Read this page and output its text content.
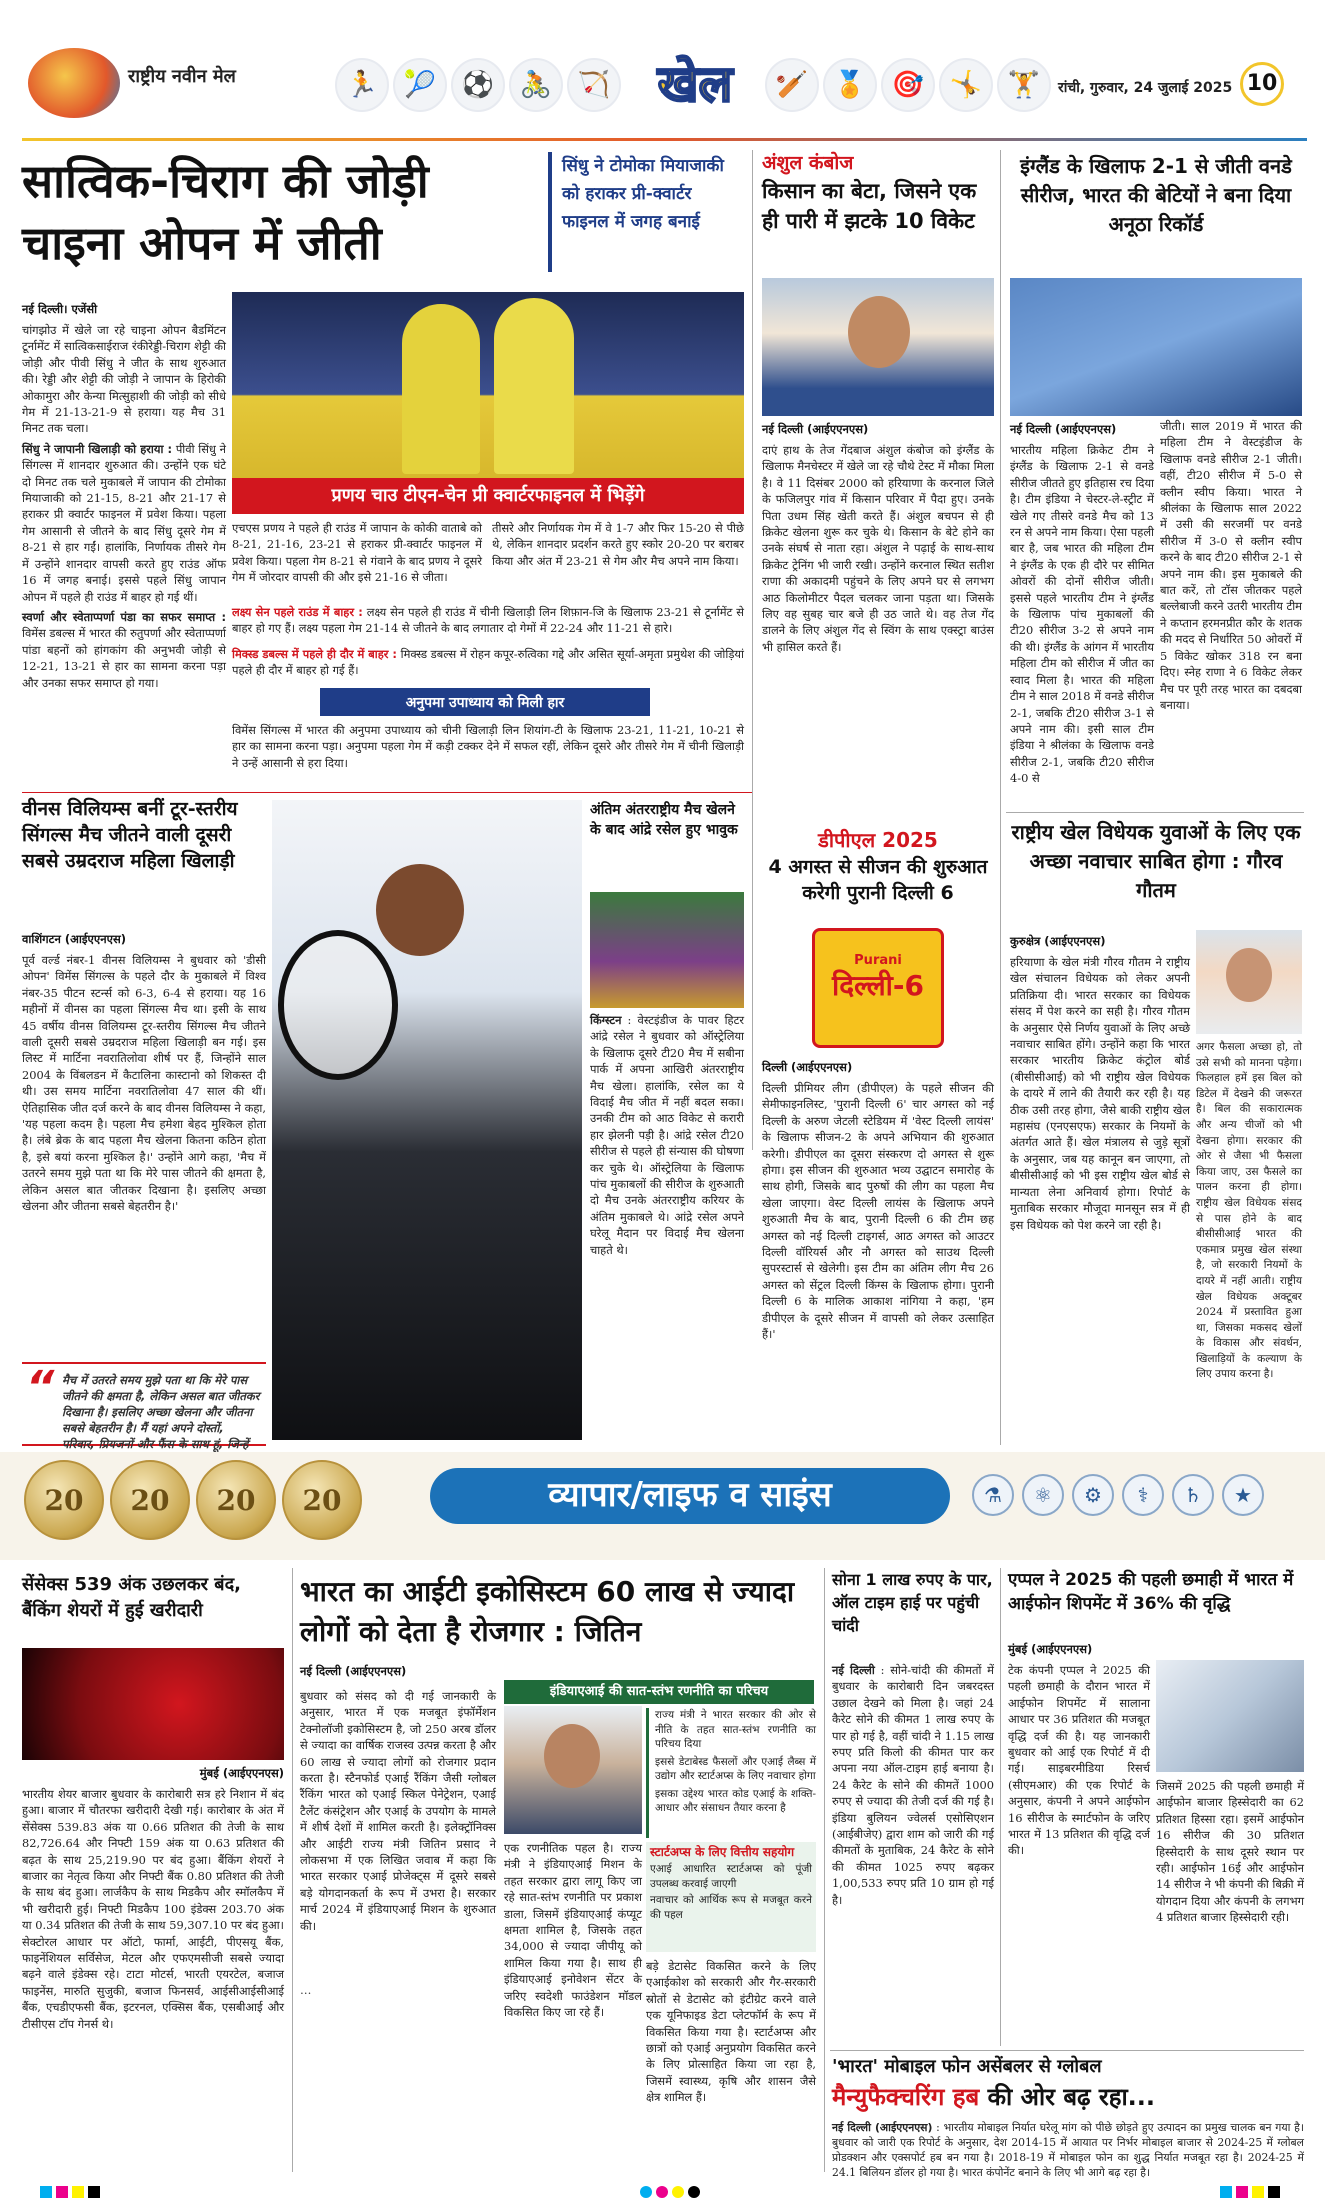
राष्ट्रीय नवीन मेल	🏃 🎾 ⚽ 🚴 🏹 खेल	🏏 🏅 🎯 🤸 🏋	रांची, गुरुवार, 24 जुलाई 2025 10
सात्विक-चिराग की जोड़ी
चाइना ओपन में जीती
सिंधु ने टोमोका मियाजाकी को हराकर प्री-क्वार्टर फाइनल में जगह बनाई
नई दिल्ली। एजेंसी

चांगझोउ में खेले जा रहे चाइना ओपन बैडमिंटन टूर्नामेंट में सात्विकसाईराज रंकीरेड्डी-चिराग शेट्टी की जोड़ी और पीवी सिंधु ने जीत के साथ शुरुआत की। रेड्डी और शेट्टी की जोड़ी ने जापान के हिरोकी ओकामुरा और केन्या मित्सुहाशी की जोड़ी को सीधे गेम में 21-13-21-9 से हराया। यह मैच 31 मिनट तक चला।

सिंधु ने जापानी खिलाड़ी को हराया : पीवी सिंधु ने सिंगल्स में शानदार शुरुआत की। उन्होंने एक घंटे दो मिनट तक चले मुकाबले में जापान की टोमोका मियाजाकी को 21-15, 8-21 और 21-17 से हराकर प्री क्वार्टर फाइनल में प्रवेश किया। पहला गेम आसानी से जीतने के बाद सिंधु दूसरे गेम में 8-21 से हार गईं। हालांकि, निर्णायक तीसरे गेम में उन्होंने शानदार वापसी करते हुए राउंड ऑफ 16 में जगह बनाई। इससे पहले सिंधु जापान ओपन में पहले ही राउंड में बाहर हो गई थीं।

स्वर्णा और स्वेताप्पर्णा पंडा का सफर समाप्त : विमेंस डबल्स में भारत की रुतुपर्णा और स्वेताप्पर्णा पांडा बहनों को हांगकांग की अनुभवी जोड़ी से 12-21, 13-21 से हार का सामना करना पड़ा और उनका सफर समाप्त हो गया।

प्रणय चाउ टीएन-चेन प्री क्वार्टरफाइनल में भिड़ेंगे

एचएस प्रणय ने पहले ही राउंड में जापान के कोकी वाताबे को 8-21, 21-16, 23-21 से हराकर प्री-क्वार्टर फाइनल में प्रवेश किया। पहला गेम 8-21 से गंवाने के बाद प्रणय ने दूसरे गेम में जोरदार वापसी की और इसे 21-16 से जीता।

तीसरे और निर्णायक गेम में वे 1-7 और फिर 15-20 से पीछे थे, लेकिन शानदार प्रदर्शन करते हुए स्कोर 20-20 पर बराबर किया और अंत में 23-21 से गेम और मैच अपने नाम किया।

लक्ष्य सेन पहले राउंड में बाहर : लक्ष्य सेन पहले ही राउंड में चीनी खिलाड़ी लिन शिफ़ान-जि के खिलाफ 23-21 से टूर्नामेंट से बाहर हो गए हैं। लक्ष्य पहला गेम 21-14 से जीतने के बाद लगातार दो गेमों में 22-24 और 11-21 से हारे।

मिक्स्ड डबल्स में पहले ही दौर में बाहर : मिक्स्ड डबल्स में रोहन कपूर-रुत्विका गद्दे और असित सूर्या-अमृता प्रमुथेश की जोड़ियां पहले ही दौर में बाहर हो गई हैं।

अनुपमा उपाध्याय को मिली हार

विमेंस सिंगल्स में भारत की अनुपमा उपाध्याय को चीनी खिलाड़ी लिन शियांग-टी के खिलाफ 23-21, 11-21, 10-21 से हार का सामना करना पड़ा। अनुपमा पहला गेम में कड़ी टक्कर देने में सफल रहीं, लेकिन दूसरे और तीसरे गेम में चीनी खिलाड़ी ने उन्हें आसानी से हरा दिया।

अंशुल कंबोज
किसान का बेटा, जिसने एक ही पारी में झटके 10 विकेट
नई दिल्ली (आईएएनएस)

दाएं हाथ के तेज गेंदबाज अंशुल कंबोज को इंग्लैंड के खिलाफ मैनचेस्टर में खेले जा रहे चौथे टेस्ट में मौका मिला है। वे 11 दिसंबर 2000 को हरियाणा के करनाल जिले के फजिलपुर गांव में किसान परिवार में पैदा हुए। उनके पिता उधम सिंह खेती करते हैं। अंशुल बचपन से ही क्रिकेट खेलना शुरू कर चुके थे। किसान के बेटे होने का उनके संघर्ष से नाता रहा। अंशुल ने पढ़ाई के साथ-साथ क्रिकेट ट्रेनिंग भी जारी रखी। उन्होंने करनाल स्थित सतीश राणा की अकादमी पहुंचने के लिए अपने घर से लगभग आठ किलोमीटर पैदल चलकर जाना पड़ता था। जिसके लिए वह सुबह चार बजे ही उठ जाते थे। वह तेज गेंद डालने के लिए अंशुल गेंद से स्विंग के साथ एक्स्ट्रा बाउंस भी हासिल करते हैं।

इंग्लैंड के खिलाफ 2-1 से जीती वनडे सीरीज, भारत की बेटियों ने बना दिया अनूठा रिकॉर्ड
नई दिल्ली (आईएएनएस)

भारतीय महिला क्रिकेट टीम ने इंग्लैंड के खिलाफ 2-1 से वनडे सीरीज जीतते हुए इतिहास रच दिया है। टीम इंडिया ने चेस्टर-ले-स्ट्रीट में खेले गए तीसरे वनडे मैच को 13 रन से अपने नाम किया। ऐसा पहली बार है, जब भारत की महिला टीम ने इंग्लैंड के एक ही दौरे पर सीमित ओवरों की दोनों सीरीज जीती। इससे पहले भारतीय टीम ने इंग्लैंड के खिलाफ पांच मुकाबलों की टी20 सीरीज 3-2 से अपने नाम की थी। इंग्लैंड के आंगन में भारतीय महिला टीम को सीरीज में जीत का स्वाद मिला है। भारत की महिला टीम ने साल 2018 में वनडे सीरीज 2-1, जबकि टी20 सीरीज 3-1 से अपने नाम की। इसी साल टीम इंडिया ने श्रीलंका के खिलाफ वनडे सीरीज 2-1, जबकि टी20 सीरीज 4-0 से

जीती। साल 2019 में भारत की महिला टीम ने वेस्टइंडीज के खिलाफ वनडे सीरीज 2-1 जीती। वहीं, टी20 सीरीज में 5-0 से क्लीन स्वीप किया। भारत ने श्रीलंका के खिलाफ साल 2022 में उसी की सरजमीं पर वनडे सीरीज में 3-0 से क्लीन स्वीप करने के बाद टी20 सीरीज 2-1 से अपने नाम की। इस मुकाबले की बात करें, तो टॉस जीतकर पहले बल्लेबाजी करने उतरी भारतीय टीम ने कप्तान हरमनप्रीत कौर के शतक की मदद से निर्धारित 50 ओवरों में 5 विकेट खोकर 318 रन बना दिए। स्नेह राणा ने 6 विकेट लेकर मैच पर पूरी तरह भारत का दबदबा बनाया।

वीनस विलियम्स बनीं टूर-स्तरीय सिंगल्स मैच जीतने वाली दूसरी सबसे उम्रदराज महिला खिलाड़ी
वाशिंगटन (आईएएनएस)

पूर्व वर्ल्ड नंबर-1 वीनस विलियम्स ने बुधवार को 'डीसी ओपन' विमेंस सिंगल्स के पहले दौर के मुकाबले में विश्व नंबर-35 पीटन स्टर्न्स को 6-3, 6-4 से हराया। यह 16 महीनों में वीनस का पहला सिंगल्स मैच था। इसी के साथ 45 वर्षीय वीनस विलियम्स टूर-स्तरीय सिंगल्स मैच जीतने वाली दूसरी सबसे उम्रदराज महिला खिलाड़ी बन गई। इस लिस्ट में मार्टिना नवरातिलोवा शीर्ष पर हैं, जिन्होंने साल 2004 के विंबलडन में कैटालिना कास्टानो को शिकस्त दी थी। उस समय मार्टिना नवरातिलोवा 47 साल की थीं। ऐतिहासिक जीत दर्ज करने के बाद वीनस विलियम्स ने कहा, 'यह पहला कदम है। पहला मैच हमेशा बेहद मुश्किल होता है। लंबे ब्रेक के बाद पहला मैच खेलना कितना कठिन होता है, इसे बयां करना मुश्किल है।' उन्होंने आगे कहा, 'मैच में उतरने समय मुझे पता था कि मेरे पास जीतने की क्षमता है, लेकिन असल बात जीतकर दिखाना है। इसलिए अच्छा खेलना और जीतना सबसे बेहतरीन है।'

“ मैच में उतरते समय मुझे पता था कि मेरे पास जीतने की क्षमता है, लेकिन असल बात जीतकर दिखाना है। इसलिए अच्छा खेलना और जीतना सबसे बेहतरीन है। मैं यहां अपने दोस्तों, परिवार, प्रियजनों और फैंस के साथ हूं, जिन्हें
अंतिम अंतरराष्ट्रीय मैच खेलने के बाद आंद्रे रसेल हुए भावुक

किंग्स्टन : वेस्टइंडीज के पावर हिटर आंद्रे रसेल ने बुधवार को ऑस्ट्रेलिया के खिलाफ दूसरे टी20 मैच में सबीना पार्क में अपना आखिरी अंतरराष्ट्रीय मैच खेला। हालांकि, रसेल का ये विदाई मैच जीत में नहीं बदल सका। उनकी टीम को आठ विकेट से करारी हार झेलनी पड़ी है। आंद्रे रसेल टी20 सीरीज से पहले ही संन्यास की घोषणा कर चुके थे। ऑस्ट्रेलिया के खिलाफ पांच मुकाबलों की सीरीज के शुरुआती दो मैच उनके अंतरराष्ट्रीय करियर के अंतिम मुकाबले थे। आंद्रे रसेल अपने घरेलू मैदान पर विदाई मैच खेलना चाहते थे।

डीपीएल 2025
4 अगस्त से सीजन की शुरुआत करेगी पुरानी दिल्ली 6
Purani
दिल्ली-6
दिल्ली (आईएएनएस)

दिल्ली प्रीमियर लीग (डीपीएल) के पहले सीजन की सेमीफाइनलिस्ट, 'पुरानी दिल्ली 6' चार अगस्त को नई दिल्ली के अरुण जेटली स्टेडियम में 'वेस्ट दिल्ली लायंस' के खिलाफ सीजन-2 के अपने अभियान की शुरुआत करेगी। डीपीएल का दूसरा संस्करण दो अगस्त से शुरू होगा। इस सीजन की शुरुआत भव्य उद्घाटन समारोह के साथ होगी, जिसके बाद पुरुषों की लीग का पहला मैच खेला जाएगा। वेस्ट दिल्ली लायंस के खिलाफ अपने शुरुआती मैच के बाद, पुरानी दिल्ली 6 की टीम छह अगस्त को नई दिल्ली टाइगर्स, आठ अगस्त को आउटर दिल्ली वॉरियर्स और नौ अगस्त को साउथ दिल्ली सुपरस्टार्स से खेलेगी। इस टीम का अंतिम लीग मैच 26 अगस्त को सेंट्रल दिल्ली किंग्स के खिलाफ होगा। पुरानी दिल्ली 6 के मालिक आकाश नांगिया ने कहा, 'हम डीपीएल के दूसरे सीजन में वापसी को लेकर उत्साहित हैं।'

राष्ट्रीय खेल विधेयक युवाओं के लिए एक अच्छा नवाचार साबित होगा : गौरव गौतम
कुरुक्षेत्र (आईएएनएस)

हरियाणा के खेल मंत्री गौरव गौतम ने राष्ट्रीय खेल संचालन विधेयक को लेकर अपनी प्रतिक्रिया दी। भारत सरकार का विधेयक संसद में पेश करने का सही है। गौरव गौतम के अनुसार ऐसे निर्णय युवाओं के लिए अच्छे नवाचार साबित होंगे। उन्होंने कहा कि भारत सरकार भारतीय क्रिकेट कंट्रोल बोर्ड (बीसीसीआई) को भी राष्ट्रीय खेल विधेयक के दायरे में लाने की तैयारी कर रही है। यह ठीक उसी तरह होगा, जैसे बाकी राष्ट्रीय खेल महासंघ (एनएसएफ) सरकार के नियमों के अंतर्गत आते हैं। खेल मंत्रालय से जुड़े सूत्रों के अनुसार, जब यह कानून बन जाएगा, तो बीसीसीआई को भी इस राष्ट्रीय खेल बोर्ड से मान्यता लेना अनिवार्य होगा। रिपोर्ट के मुताबिक सरकार मौजूदा मानसून सत्र में ही इस विधेयक को पेश करने जा रही है।

अगर फैसला अच्छा हो, तो उसे सभी को मानना पड़ेगा। फिलहाल हमें इस बिल को डिटेल में देखने की जरूरत है। बिल की सकारात्मक और अन्य चीजों को भी देखना होगा। सरकार की ओर से जैसा भी फैसला किया जाए, उस फैसले का पालन करना ही होगा। राष्ट्रीय खेल विधेयक संसद से पास होने के बाद बीसीसीआई भारत की एकमात्र प्रमुख खेल संस्था है, जो सरकारी नियमों के दायरे में नहीं आती। राष्ट्रीय खेल विधेयक अक्टूबर 2024 में प्रस्तावित हुआ था, जिसका मकसद खेलों के विकास और संवर्धन, खिलाड़ियों के कल्याण के लिए उपाय करना है।

20	20	20	20	व्यापार/लाइफ व साइंस	⚗	⚛	⚙	⚕	♄	★
सेंसेक्स 539 अंक उछलकर बंद, बैंकिंग शेयरों में हुई खरीदारी
मुंबई (आईएएनएस)

भारतीय शेयर बाजार बुधवार के कारोबारी सत्र हरे निशान में बंद हुआ। बाजार में चौतरफा खरीदारी देखी गई। कारोबार के अंत में सेंसेक्स 539.83 अंक या 0.66 प्रतिशत की तेजी के साथ 82,726.64 और निफ्टी 159 अंक या 0.63 प्रतिशत की बढ़त के साथ 25,219.90 पर बंद हुआ। बैंकिंग शेयरों ने बाजार का नेतृत्व किया और निफ्टी बैंक 0.80 प्रतिशत की तेजी के साथ बंद हुआ। लार्जकैप के साथ मिडकैप और स्मॉलकैप में भी खरीदारी हुई। निफ्टी मिडकैप 100 इंडेक्स 203.70 अंक या 0.34 प्रतिशत की तेजी के साथ 59,307.10 पर बंद हुआ। सेक्टोरल आधार पर ऑटो, फार्मा, आईटी, पीएसयू बैंक, फाइनेंशियल सर्विसेज, मेटल और एफएमसीजी सबसे ज्यादा बढ़ने वाले इंडेक्स रहे। टाटा मोटर्स, भारती एयरटेल, बजाज फाइनेंस, मारुति सुजुकी, बजाज फिनसर्व, आईसीआईसीआई बैंक, एचडीएफसी बैंक, इटरनल, एक्सिस बैंक, एसबीआई और टीसीएस टॉप गेनर्स थे।

भारत का आईटी इकोसिस्टम 60 लाख से ज्यादा लोगों को देता है रोजगार : जितिन
नई दिल्ली (आईएएनएस)
इंडियाएआई की सात-स्तंभ रणनीति का परिचय

बुधवार को संसद को दी गई जानकारी के अनुसार, भारत में एक मजबूत इंफॉर्मेशन टेक्नोलॉजी इकोसिस्टम है, जो 250 अरब डॉलर से ज्यादा का वार्षिक राजस्व उत्पन्न करता है और 60 लाख से ज्यादा लोगों को रोजगार प्रदान करता है। स्टैनफोर्ड एआई रैंकिंग जैसी ग्लोबल रैंकिंग भारत को एआई स्किल पेनेट्रेशन, एआई टैलेंट कंसंट्रेशन और एआई के उपयोग के मामले में शीर्ष देशों में शामिल करती है। इलेक्ट्रॉनिक्स और आईटी राज्य मंत्री जितिन प्रसाद ने लोकसभा में एक लिखित जवाब में कहा कि भारत सरकार एआई प्रोजेक्ट्स में दूसरे सबसे बड़े योगदानकर्ता के रूप में उभरा है। सरकार मार्च 2024 में इंडियाएआई मिशन के शुरुआत की।

राज्य मंत्री ने भारत सरकार की ओर से नीति के तहत सात-स्तंभ रणनीति का परिचय दिया
इससे डेटाबेस्ड फैसलों और एआई लैब्स में उद्योग और स्टार्टअप्स के लिए नवाचार होगा
इसका उद्देश्य भारत कोड एआई के शक्ति-आधार और संसाधन तैयार करना है
स्टार्टअप्स के लिए वित्तीय सहयोग
एआई आधारित स्टार्टअप्स को पूंजी उपलब्ध करवाई जाएगी
नवाचार को आर्थिक रूप से मजबूत करने की पहल

…

एक रणनीतिक पहल है। राज्य मंत्री ने इंडियाएआई मिशन के तहत सरकार द्वारा लागू किए जा रहे सात-स्तंभ रणनीति पर प्रकाश डाला, जिसमें इंडियाएआई कंप्यूट क्षमता शामिल है, जिसके तहत 34,000 से ज्यादा जीपीयू को शामिल किया गया है। साथ ही इंडियाएआई इनोवेशन सेंटर के जरिए स्वदेशी फाउंडेशन मॉडल विकसित किए जा रहे हैं।

बड़े डेटासेट विकसित करने के लिए एआईकोश को सरकारी और गैर-सरकारी स्रोतों से डेटासेट को इंटीग्रेट करने वाले एक यूनिफाइड डेटा प्लेटफॉर्म के रूप में विकसित किया गया है। स्टार्टअप्स और छात्रों को एआई अनुप्रयोग विकसित करने के लिए प्रोत्साहित किया जा रहा है, जिसमें स्वास्थ्य, कृषि और शासन जैसे क्षेत्र शामिल हैं।

सोना 1 लाख रुपए के पार, ऑल टाइम हाई पर पहुंची चांदी

नई दिल्ली : सोने-चांदी की कीमतों में बुधवार के कारोबारी दिन जबरदस्त उछाल देखने को मिला है। जहां 24 कैरेट सोने की कीमत 1 लाख रुपए के पार हो गई है, वहीं चांदी ने 1.15 लाख रुपए प्रति किलो की कीमत पार कर अपना नया ऑल-टाइम हाई बनाया है। 24 कैरेट के सोने की कीमतें 1000 रुपए से ज्यादा की तेजी दर्ज की गई है। इंडिया बुलियन ज्वेलर्स एसोसिएशन (आईबीजेए) द्वारा शाम को जारी की गई कीमतों के मुताबिक, 24 कैरेट के सोने की कीमत 1025 रुपए बढ़कर 1,00,533 रुपए प्रति 10 ग्राम हो गई है।

एप्पल ने 2025 की पहली छमाही में भारत में आईफोन शिपमेंट में 36% की वृद्धि
मुंबई (आईएएनएस)

टेक कंपनी एप्पल ने 2025 की पहली छमाही के दौरान भारत में आईफोन शिपमेंट में सालाना आधार पर 36 प्रतिशत की मजबूत वृद्धि दर्ज की है। यह जानकारी बुधवार को आई एक रिपोर्ट में दी गई। साइबरमीडिया रिसर्च (सीएमआर) की एक रिपोर्ट के अनुसार, कंपनी ने अपने आईफोन 16 सीरीज के स्मार्टफोन के जरिए भारत में 13 प्रतिशत की वृद्धि दर्ज की।

जिसमें 2025 की पहली छमाही में आईफोन बाजार हिस्सेदारी का 62 प्रतिशत हिस्सा रहा। इसमें आईफोन 16 सीरीज की 30 प्रतिशत हिस्सेदारी के साथ दूसरे स्थान पर रही। आईफोन 16ई और आईफोन 14 सीरीज ने भी कंपनी की बिक्री में योगदान दिया और कंपनी के लगभग 4 प्रतिशत बाजार हिस्सेदारी रही।

'भारत' मोबाइल फोन असेंबलर से ग्लोबल
मैन्युफैक्चरिंग हब की ओर बढ़ रहा...

नई दिल्ली (आईएएनएस) : भारतीय मोबाइल निर्यात घरेलू मांग को पीछे छोड़ते हुए उत्पादन का प्रमुख चालक बन गया है। बुधवार को जारी एक रिपोर्ट के अनुसार, देश 2014-15 में आयात पर निर्भर मोबाइल बाजार से 2024-25 में ग्लोबल प्रोडक्शन और एक्सपोर्ट हब बन गया है। 2018-19 में मोबाइल फोन का शुद्ध निर्यात मजबूत रहा है। 2024-25 में 24.1 बिलियन डॉलर हो गया है। भारत कंपोनेंट बनाने के लिए भी आगे बढ़ रहा है।
